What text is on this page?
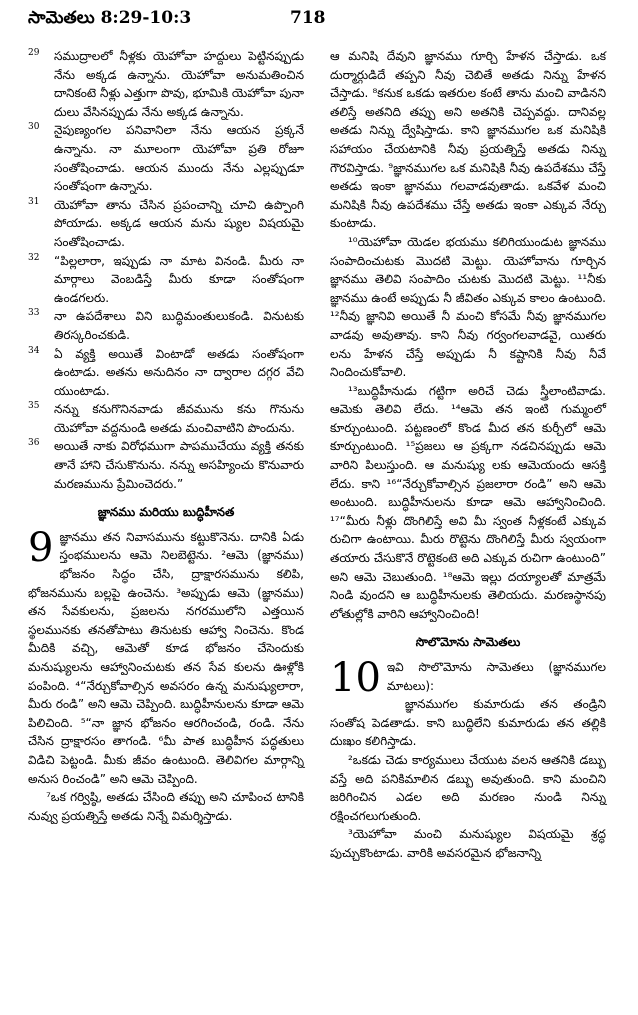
సామెతలు 8:29-10:3	718
29 సముద్రాలలో నీళ్లకు యెహోవా హద్దులు పెట్టినప్పుడు నేను అక్కడ ఉన్నాను. యెహోవా అనుమతించిన దానికంటె నీళ్లు ఎత్తుగా పొవు, భూమికి యెహోవా పునా దులు వేసినప్పుడు నేను అక్కడ ఉన్నాను.
30 నైపుణ్యంగల పనివానిలా నేను ఆయన ప్రక్కనే ఉన్నాను. నా మూలంగా యెహోవా ప్రతి రోజూ సంతోషించాడు. ఆయన ముందు నేను ఎల్లప్పుడూ సంతోషంగా ఉన్నాను.
31 యెహోవా తాను చేసిన ప్రపంచాన్ని చూచి ఉప్పొంగి పోయాడు. అక్కడ ఆయన మను ష్యుల విషయమై సంతోషించాడు.
32 “పిల్లలారా, ఇప్పుడు నా మాట వినండి. మీరు నా మార్గాలు వెంబడిస్తే మీరు కూడా సంతోషంగా ఉండగలరు.
33 నా ఉపదేశాలు విని బుద్ధిమంతులుకండి. వినుటకు తిరస్కరించకుడి.
34 ఏ వ్యక్తి అయితే వింటాడో అతడు సంతోషంగా ఉంటాడు. అతను అనుదినం నా ద్వారాల దగ్గర వేచి యుంటాడు.
35 నన్ను కనుగొనినవాడు జీవమును కను గొనును యెహోవా వద్దనుండి అతడు మంచివాటిని పొందును.
36 అయితే నాకు విరోధముగా పాపముచేయు వ్యక్తి తనకు తానే హాని చేసుకొనును. నన్ను అసహ్యించు కొనువారు మరణమును ప్రేమించెదరు.”
జ్ఞానము మరియు బుద్ధిహీనత
9 జ్ఞానము తన నివాసమును కట్టుకొనెను. దానికి ఏడు స్తంభములను ఆమె నిలబెట్టెను. ²ఆమె (జ్ఞానము) భోజనం సిద్ధం చేసి, ద్రాక్షారసమును కలిపి, భోజనమును బల్లపై ఉంచెను. ³అప్పుడు ఆమె (జ్ఞానము) తన సేవకులను, ప్రజలను నగరములోని ఎత్తయిన స్థలమునకు తనతోపాటు తినుటకు ఆహ్వా నించెను. కొండ మీదికి వచ్చి, ఆమెతో కూడ భోజనం చేసెందుకు మనుష్యులను ఆహ్వానించుటకు తన సేవ కులను ఊళ్లోకి పంపింది. ⁴“నేర్చుకోవాల్సిన అవసరం ఉన్న మనుష్యులారా, మీరు రండి” అని ఆమె చెప్పింది. బుద్ధిహీనులను కూడా ఆమె పిలిచింది. ⁵“నా జ్ఞాన భోజనం ఆరగించండి, రండి. నేను చేసిన ద్రాక్షారసం తాగండి. ⁶మీ పాత బుద్ధిహీన పద్ధతులు విడిచి పెట్టండి. మీకు జీవం ఉంటుంది. తెలివిగల మార్గాన్ని అనుస రించండి” అని ఆమె చెప్పింది.
⁷ఒక గర్విష్ఠి, అతడు చేసింది తప్పు అని చూపించ టానికి నువ్వు ప్రయత్నిస్తే అతడు నిన్నే విమర్శిస్తాడు.
ఆ మనిషి దేవుని జ్ఞానము గూర్చి హేళన చేస్తాడు. ఒక దుర్మార్గుడిదే తప్పని నీవు చెబితే అతడు నిన్ను హేళన చేస్తాడు. ⁸కనుక ఒకడు ఇతరుల కంటే తాను మంచి వాడినని తలిస్తే అతనిది తప్పు అని అతనికి చెప్పవద్దు. దానివల్ల అతడు నిన్ను ద్వేషిస్తాడు. కాని జ్ఞానముగల ఒక మనిషికి సహాయం చేయటానికి నీవు ప్రయత్నిస్తే అతడు నిన్ను గౌరవిస్తాడు. ⁹జ్ఞానముగల ఒక మనిషికి నీవు ఉపదేశము చేస్తే అతడు ఇంకా జ్ఞానము గలవాడవుతాడు. ఒకవేళ మంచి మనిషికి నీవు ఉపదేశము చేస్తే అతడు ఇంకా ఎక్కువ నేర్చు కుంటాడు.
¹⁰యెహోవా యెడల భయము కలిగియుండుట జ్ఞానము సంపాదించుటకు మొదటి మెట్టు. యెహోవాను గూర్చిన జ్ఞానము తెలివి సంపాదిం చుటకు మొదటి మెట్టు. ¹¹నీకు జ్ఞానము ఉంటే అప్పుడు నీ జీవితం ఎక్కువ కాలం ఉంటుంది. ¹²నీవు జ్ఞానివి అయితే నీ మంచి కోసమే నీవు జ్ఞానముగల వాడవు అవుతావు. కాని నీవు గర్వంగలవాడవై, యితరు లను హేళన చేస్తే అప్పుడు నీ కష్టానికి నీవు నీవే నిందించుకోవాలి.
¹³బుద్ధిహీనుడు గట్టిగా అరిచే చెడు స్త్రీలాంటివాడు. ఆమెకు తెలివి లేదు. ¹⁴ఆమె తన ఇంటి గుమ్మంలో కూర్చుంటుంది. పట్టణంలో కొండ మీద తన కుర్చీలో ఆమె కూర్చుంటుంది. ¹⁵ప్రజలు ఆ ప్రక్కగా నడచినప్పుడు ఆమె వారిని పిలుస్తుంది. ఆ మనుష్యు లకు ఆమెయందు ఆసక్తి లేదు. కాని ¹⁶“నేర్చుకోవాల్సిన ప్రజలారా రండి” అని ఆమె అంటుంది. బుద్ధిహీనులను కూడా ఆమె ఆహ్వానించింది. ¹⁷“మీరు నీళ్లు దొంగిలిస్తే అవి మీ స్వంత నీళ్లకంటే ఎక్కువ రుచిగా ఉంటాయి. మీరు రొట్టెను దొంగిలిస్తే మీరు స్వయంగా తయారు చేసుకొనే రొట్టెకంటె అది ఎక్కువ రుచిగా ఉంటుంది” అని ఆమె చెబుతుంది. ¹⁸ఆమె ఇల్లు దయ్యాలతో మాత్రమే నిండి వుందని ఆ బుద్ధిహీనులకు తెలియదు. మరణస్థానపు లోతుల్లోకి వారిని ఆహ్వానించింది!
సొలొమోను సామెతలు
10 ఇవి సొలొమోను సామెతలు (జ్ఞానముగల మాటలు):
జ్ఞానముగల కుమారుడు తన తండ్రిని సంతోష పెడతాడు. కాని బుద్ధిలేని కుమారుడు తన తల్లికి దుఃఖం కలిగిస్తాడు.
²ఒకడు చెడు కార్యములు చేయుట వలన ఆతనికి డబ్బు వస్తే అది పనికిమాలిన డబ్బు అవుతుంది. కాని మంచిని జరిగించిన ఎడల అది మరణం నుండి నిన్ను రక్షించగలుగుతుంది.
³యెహోవా మంచి మనుష్యుల విషయమై శ్రద్ధ పుచ్చుకొంటాడు. వారికి అవసరమైన భోజనాన్ని
